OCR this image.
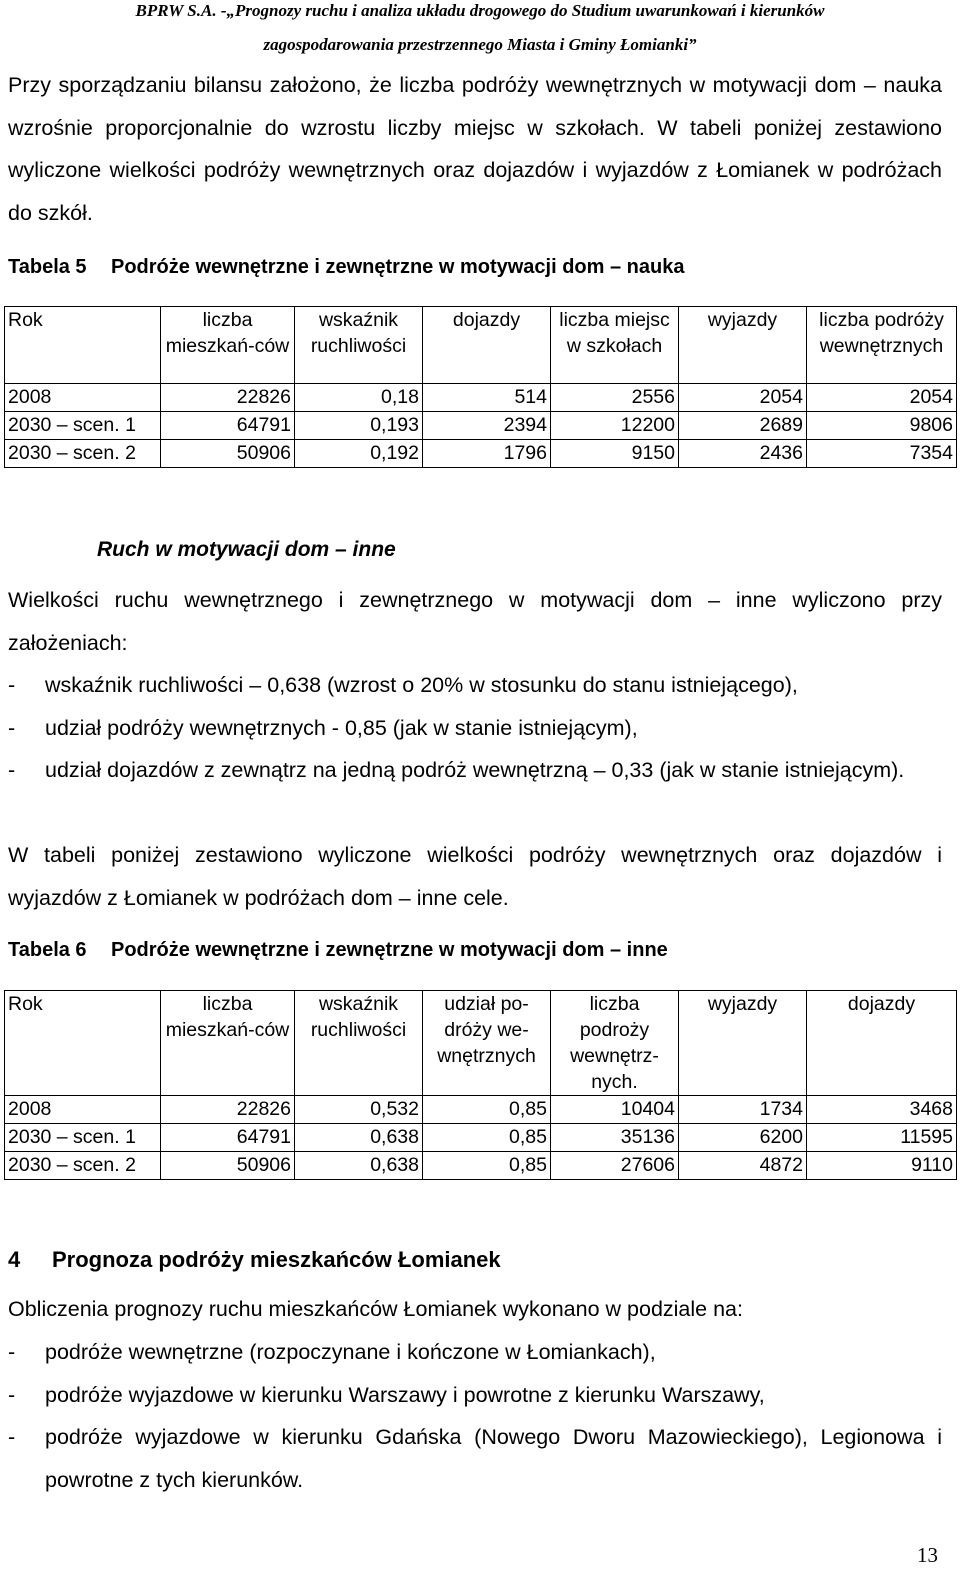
BPRW S.A. -„Prognozy ruchu i analiza układu drogowego do Studium uwarunkowań i kierunków
zagospodarowania przestrzennego Miasta i Gminy Łomianki”
Przy sporządzaniu bilansu założono, że liczba podróży wewnętrznych w motywacji dom – nauka wzrośnie proporcjonalnie do wzrostu liczby miejsc w szkołach. W tabeli poniżej zestawiono wyliczone wielkości podróży wewnętrznych oraz dojazdów i wyjazdów z Łomianek w podróżach do szkół.
Tabela 5 Podróże wewnętrzne i zewnętrzne w motywacji dom – nauka
Rok	liczba mieszkań-ców	wskaźnik ruchliwości	dojazdy	liczba miejsc w szkołach	wyjazdy	liczba podróży wewnętrznych
2008	22826	0,18	514	2556	2054	2054
2030 – scen. 1	64791	0,193	2394	12200	2689	9806
2030 – scen. 2	50906	0,192	1796	9150	2436	7354
Ruch w motywacji dom – inne
Wielkości ruchu wewnętrznego i zewnętrznego w motywacji dom – inne wyliczono przy założeniach:
- wskaźnik ruchliwości – 0,638 (wzrost o 20% w stosunku do stanu istniejącego),
- udział podróży wewnętrznych - 0,85 (jak w stanie istniejącym),
- udział dojazdów z zewnątrz na jedną podróż wewnętrzną – 0,33 (jak w stanie istniejącym).
W tabeli poniżej zestawiono wyliczone wielkości podróży wewnętrznych oraz dojazdów i wyjazdów z Łomianek w podróżach dom – inne cele.
Tabela 6 Podróże wewnętrzne i zewnętrzne w motywacji dom – inne
Rok	liczba mieszkań-ców	wskaźnik ruchliwości	udział po-dróży we-wnętrznych	liczba podroży wewnętrz-nych.	wyjazdy	dojazdy
2008	22826	0,532	0,85	10404	1734	3468
2030 – scen. 1	64791	0,638	0,85	35136	6200	11595
2030 – scen. 2	50906	0,638	0,85	27606	4872	9110
4 Prognoza podróży mieszkańców Łomianek
Obliczenia prognozy ruchu mieszkańców Łomianek wykonano w podziale na:
- podróże wewnętrzne (rozpoczynane i kończone w Łomiankach),
- podróże wyjazdowe w kierunku Warszawy i powrotne z kierunku Warszawy,
- podróże wyjazdowe w kierunku Gdańska (Nowego Dworu Mazowieckiego), Legionowa i powrotne z tych kierunków.
13
